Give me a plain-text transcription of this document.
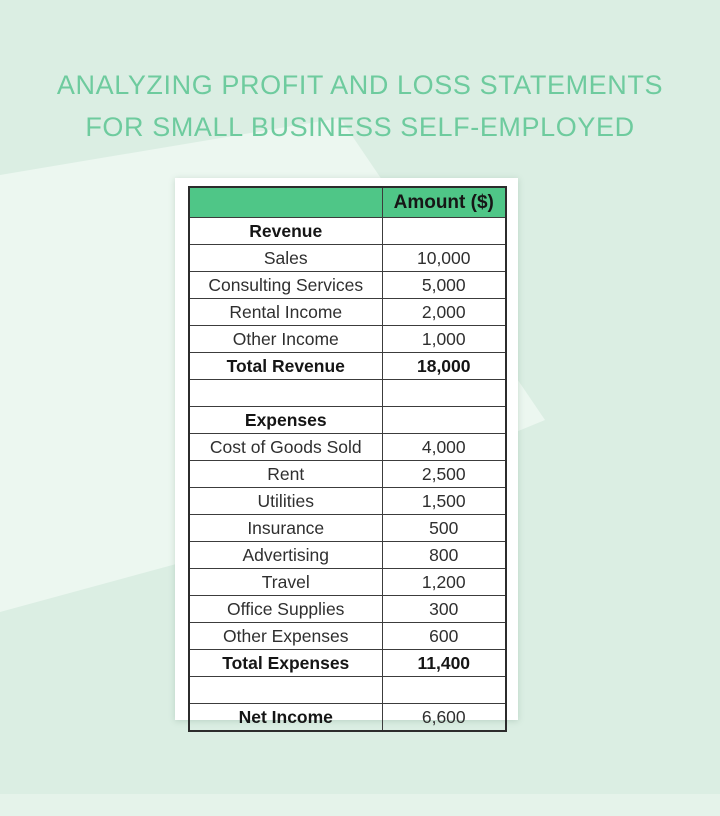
ANALYZING PROFIT AND LOSS STATEMENTS
FOR SMALL BUSINESS SELF-EMPLOYED
	Amount ($)
Revenue	
Sales	10,000
Consulting Services	5,000
Rental Income	2,000
Other Income	1,000
Total Revenue	18,000

Expenses	
Cost of Goods Sold	4,000
Rent	2,500
Utilities	1,500
Insurance	500
Advertising	800
Travel	1,200
Office Supplies	300
Other Expenses	600
Total Expenses	11,400

Net Income	6,600
